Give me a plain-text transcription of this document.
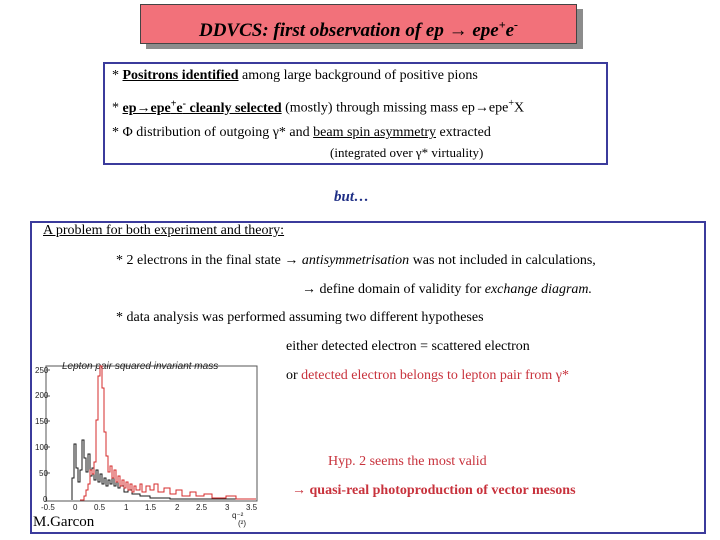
DDVCS: first observation of ep → epe+e-
* Positrons identified among large background of positive pions
* ep→epe+e- cleanly selected (mostly) through missing mass ep→epe+X
* Φ distribution of outgoing γ* and beam spin asymmetry extracted
(integrated over γ* virtuality)
but…
A problem for both experiment and theory:
* 2 electrons in the final state → antisymmetrisation was not included in calculations,
→ define domain of validity for exchange diagram.
* data analysis was performed assuming two different hypotheses
either detected electron = scattered electron
or detected electron belongs to lepton pair from γ*
Hyp. 2 seems the most valid
→ quasi-real photoproduction of vector mesons
Lepton pair squared invariant mass
250
200
150
100
50
0
-0.5 0 0.5 1 1.5 2 2.5 3 3.5
q⁻²
(²)
M.Garcon
